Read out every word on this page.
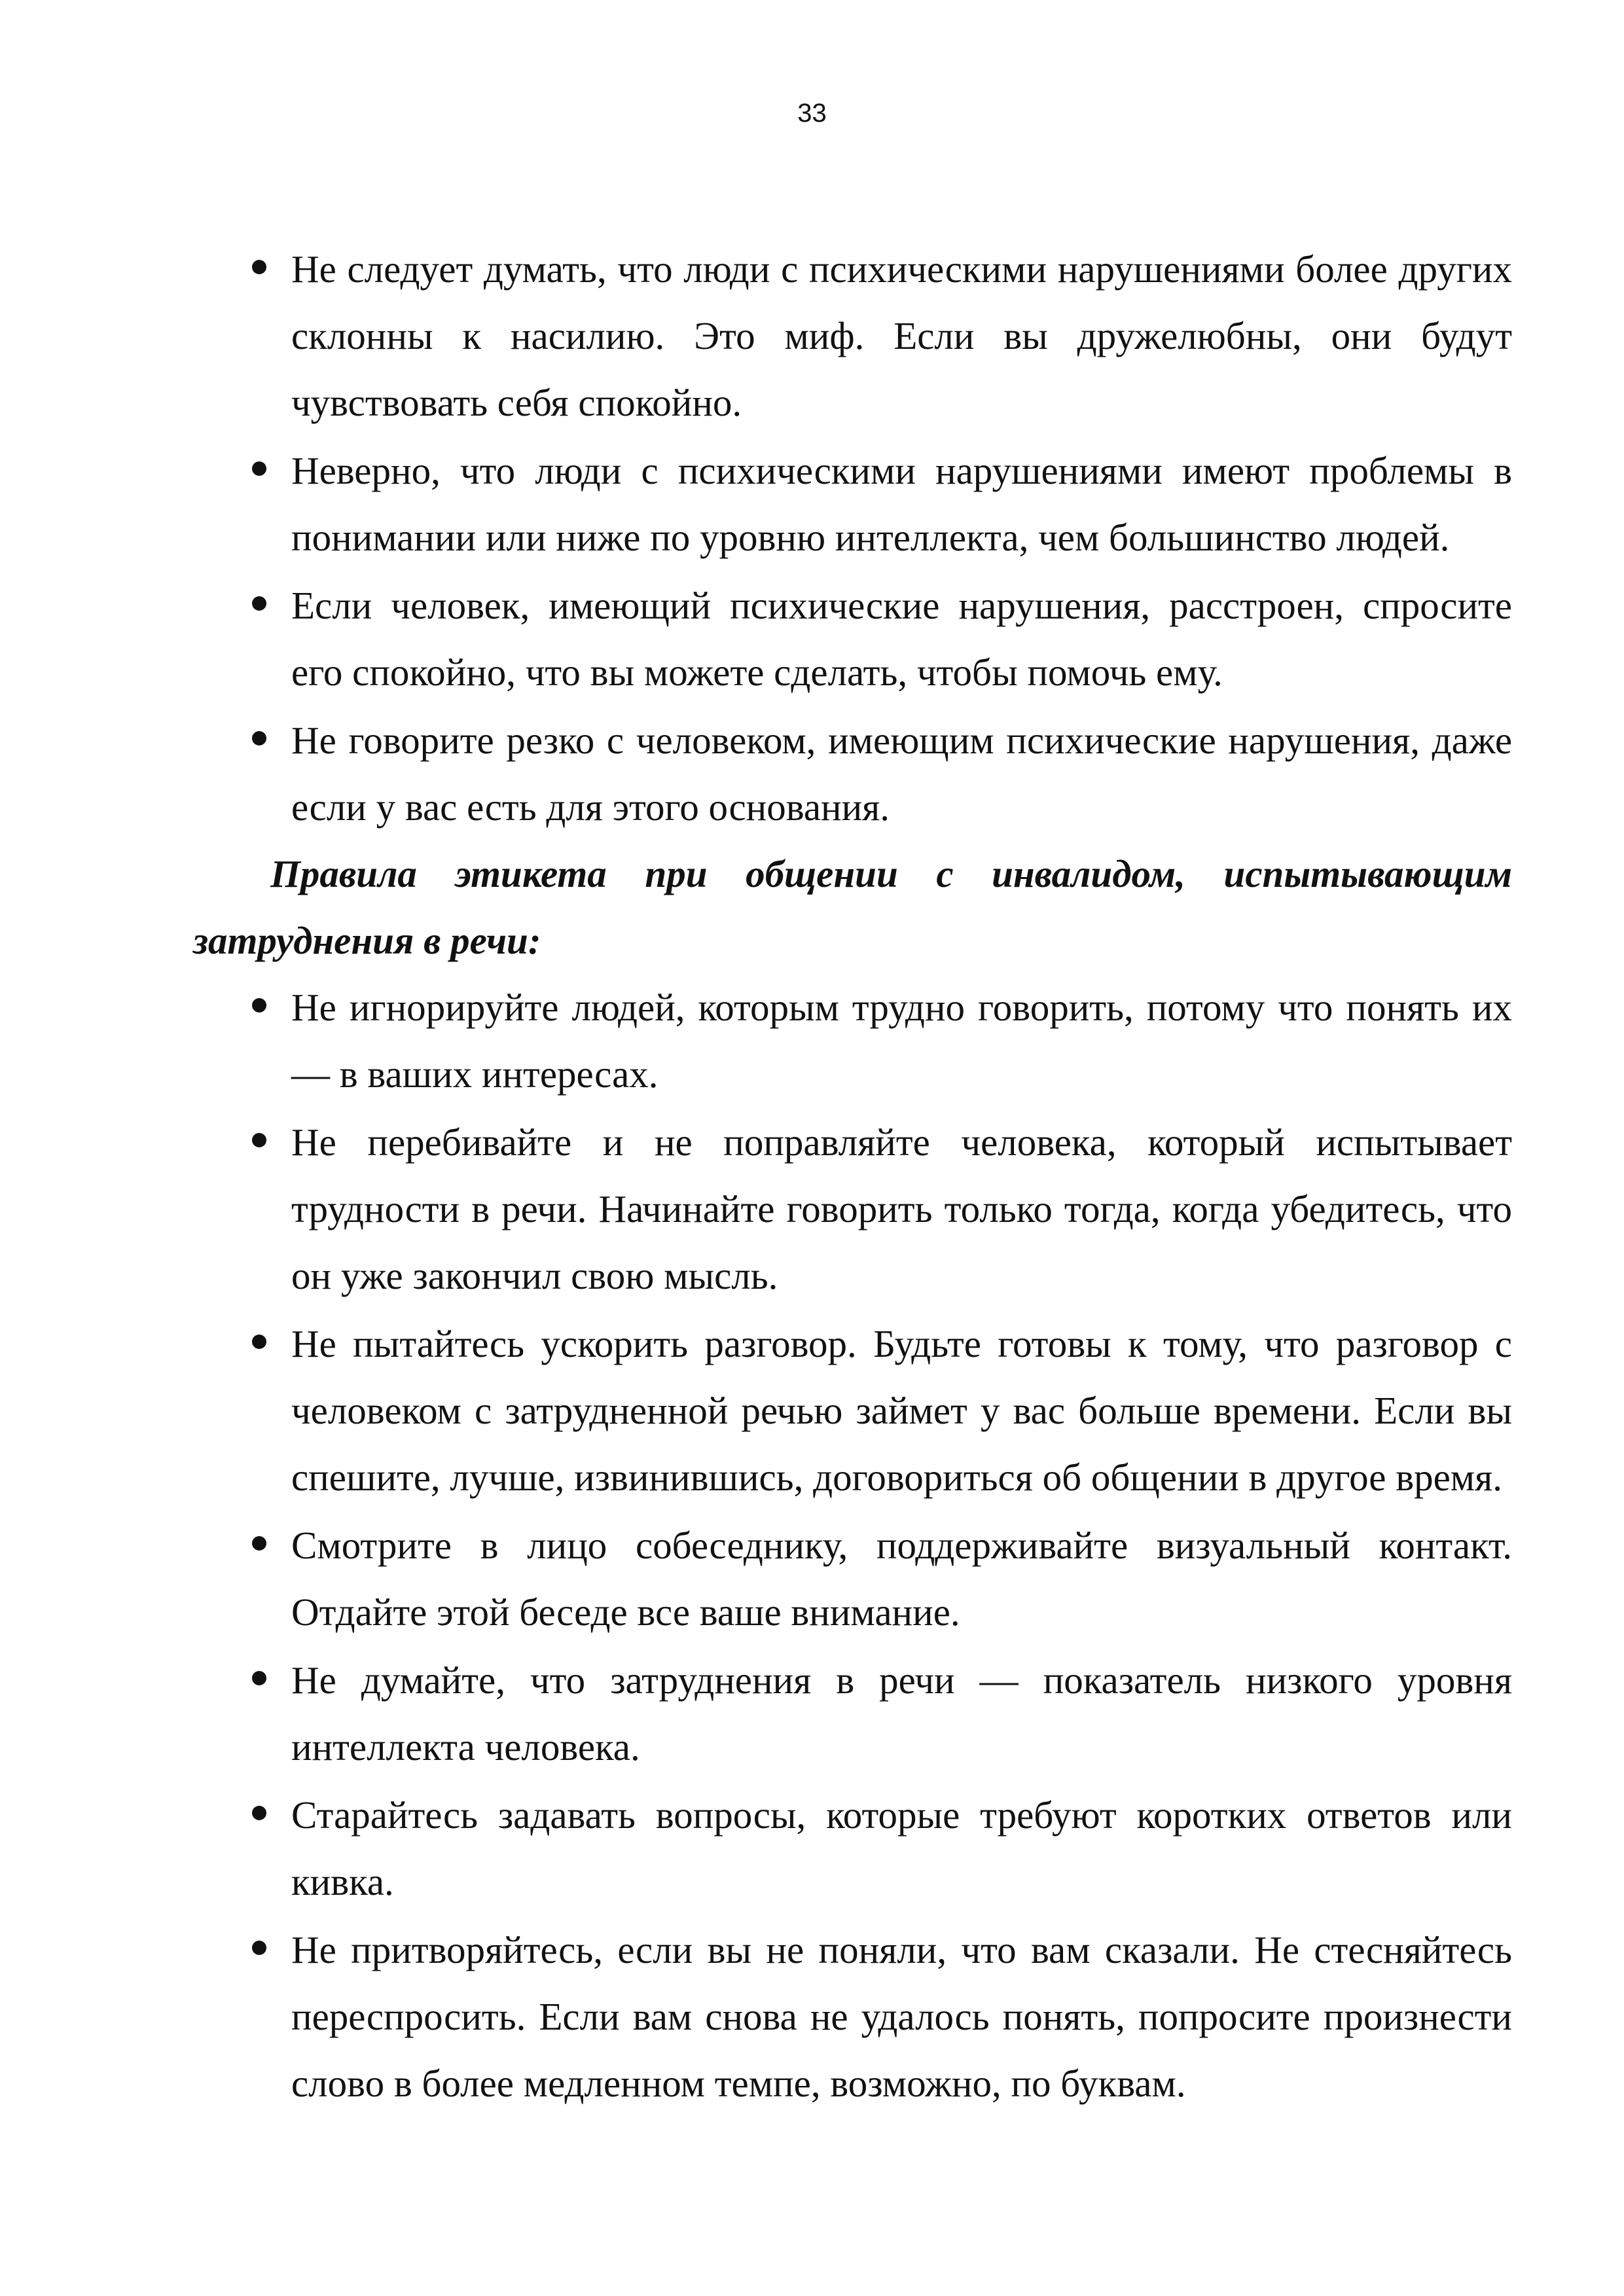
33
Не следует думать, что люди с психическими нарушениями более других склонны к насилию. Это миф. Если вы дружелюбны, они будут чувствовать себя спокойно.
Неверно, что люди с психическими нарушениями имеют проблемы в понимании или ниже по уровню интеллекта, чем большинство людей.
Если человек, имеющий психические нарушения, расстроен, спросите его спокойно, что вы можете сделать, чтобы помочь ему.
Не говорите резко с человеком, имеющим психические нарушения, даже если у вас есть для этого основания.

Правила этикета при общении с инвалидом, испытывающим затруднения в речи:

Не игнорируйте людей, которым трудно говорить, потому что понять их — в ваших интересах.
Не перебивайте и не поправляйте человека, который испытывает трудности в речи. Начинайте говорить только тогда, когда убедитесь, что он уже закончил свою мысль.
Не пытайтесь ускорить разговор. Будьте готовы к тому, что разговор с человеком с затрудненной речью займет у вас больше времени. Если вы спешите, лучше, извинившись, договориться об общении в другое время.
Смотрите в лицо собеседнику, поддерживайте визуальный контакт. Отдайте этой беседе все ваше внимание.
Не думайте, что затруднения в речи — показатель низкого уровня интеллекта человека.
Старайтесь задавать вопросы, которые требуют коротких ответов или кивка.
Не притворяйтесь, если вы не поняли, что вам сказали. Не стесняйтесь переспросить. Если вам снова не удалось понять, попросите произнести слово в более медленном темпе, возможно, по буквам.
